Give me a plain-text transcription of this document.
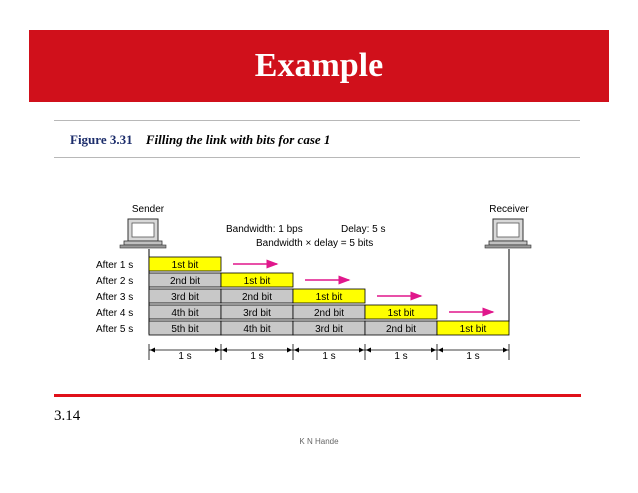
Example
Figure 3.31 Filling the link with bits for case 1
Sender	Receiver
Bandwidth: 1 bps	Delay: 5 s
Bandwidth × delay = 5 bits
After 1 s	1st bit
After 2 s	2nd bit	1st bit
After 3 s	3rd bit	2nd bit	1st bit
After 4 s	4th bit	3rd bit	2nd bit	1st bit
After 5 s	5th bit	4th bit	3rd bit	2nd bit	1st bit
1 s	1 s	1 s	1 s	1 s
3.14
K N Hande
